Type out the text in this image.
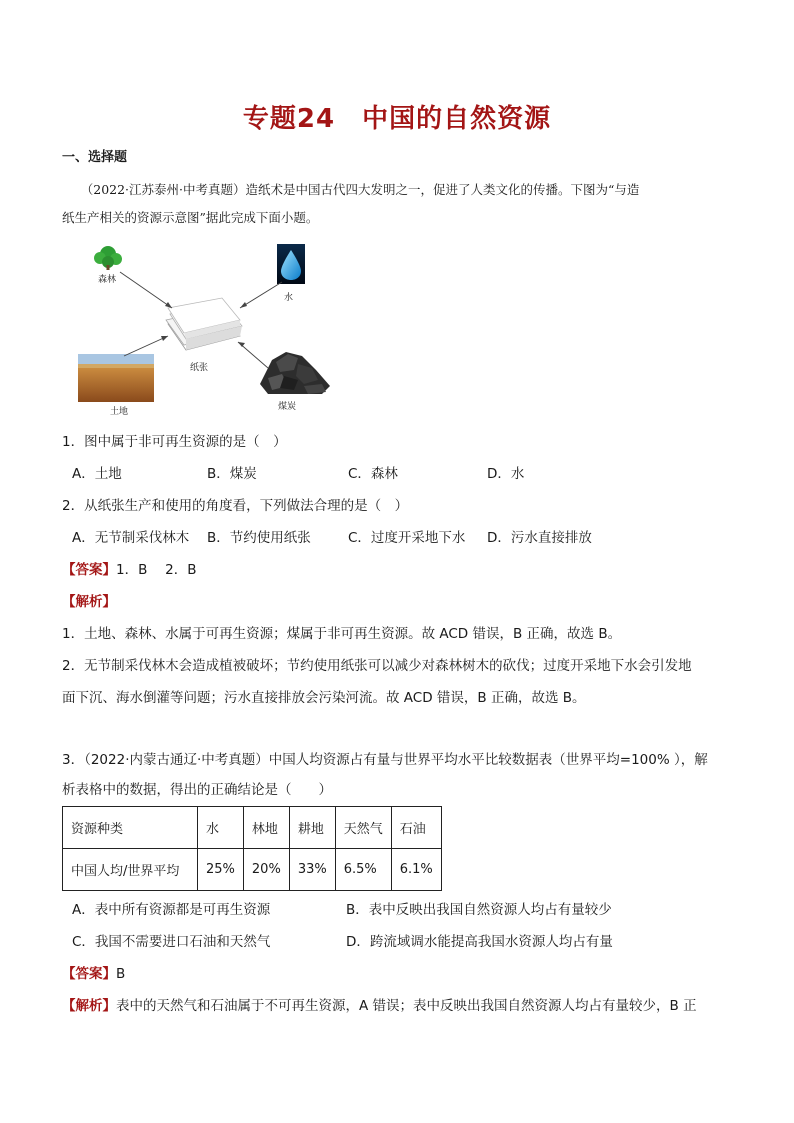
专题24　中国的自然资源
一、选择题
　　（2022·江苏泰州·中考真题）造纸术是中国古代四大发明之一，促进了人类文化的传播。下图为“与造
纸生产相关的资源示意图”据此完成下面小题。
森林
水
纸张
土地	煤炭
1．图中属于非可再生资源的是（　）
A．土地	B．煤炭	C．森林	D．水
2．从纸张生产和使用的角度看，下列做法合理的是（　）
A．无节制采伐林木 B．节约使用纸张	C．过度开采地下水 D．污水直接排放
【答案】1．B　 2．B
【解析】
1．土地、森林、水属于可再生资源；煤属于非可再生资源。故 ACD 错误，B 正确，故选 B。
2．无节制采伐林木会造成植被破坏；节约使用纸张可以减少对森林树木的砍伐；过度开采地下水会引发地
面下沉、海水倒灌等问题；污水直接排放会污染河流。故 ACD 错误，B 正确，故选 B。
3．（2022·内蒙古通辽·中考真题）中国人均资源占有量与世界平均水平比较数据表（世界平均=100% ），解
析表格中的数据，得出的正确结论是（　　）
资源种类	水	林地	耕地	天然气	石油
中国人均/世界平均	25%	20%	33%	6.5%	6.1%
A．表中所有资源都是可再生资源	B．表中反映出我国自然资源人均占有量较少
C．我国不需要进口石油和天然气	D．跨流域调水能提高我国水资源人均占有量
【答案】B
【解析】表中的天然气和石油属于不可再生资源，A 错误；表中反映出我国自然资源人均占有量较少，B 正
